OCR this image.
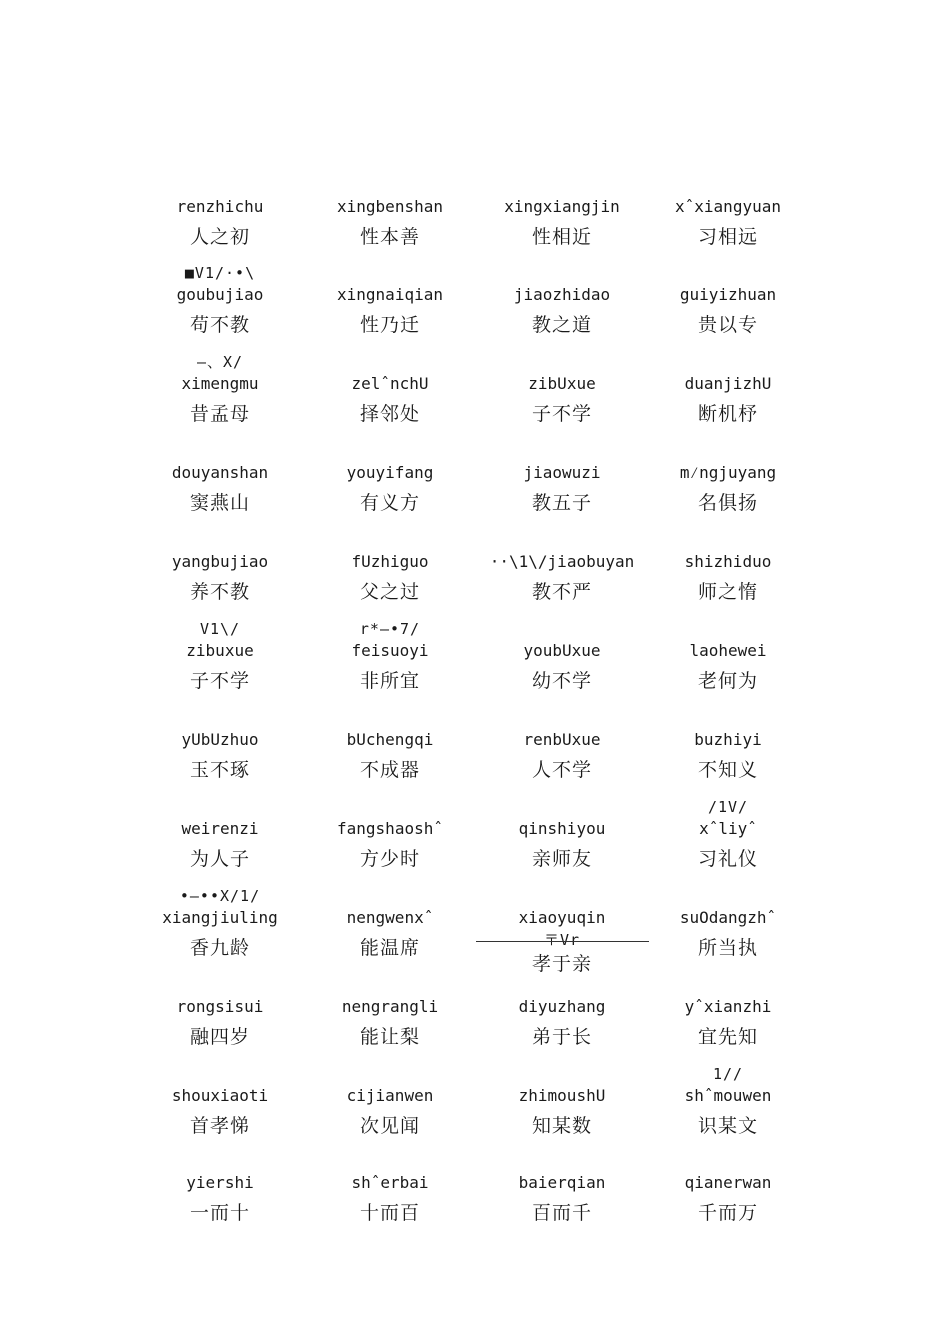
renzhichu
人之初
xingbenshan
性本善
xingxiangjin
性相近
xˆxiangyuan
习相远
■V1/·•\
goubujiao
苟不教
xingnaiqian
性乃迁
jiaozhidao
教之道
guiyizhuan
贵以专
—、X/
ximengmu
昔孟母
zelˆnchU
择邻处
zibUxue
子不学
duanjizhU
断机杼
douyanshan
窦燕山
youyifang
有义方
jiaowuzi
教五子
m⁄ngjuyang
名俱扬
yangbujiao
养不教
fUzhiguo
父之过
··\1\/jiaobuyan
教不严
shizhiduo
师之惰
V1\/
zibuxue
子不学
r*—•7/
feisuoyi
非所宜
youbUxue
幼不学
laohewei
老何为
yUbUzhuo
玉不琢
bUchengqi
不成器
renbUxue
人不学
buzhiyi
不知义
weirenzi
为人子
fangshaoshˆ
方少时
qinshiyou
亲师友
/1V/
xˆliyˆ
习礼仪
•—••X/1/
xiangjiuling
香九龄
nengwenxˆ
能温席
xiaoyuqin
〒Vr
孝于亲
suOdangzhˆ
所当执
rongsisui
融四岁
nengrangli
能让梨
diyuzhang
弟于长
yˆxianzhi
宜先知
shouxiaoti
首孝悌
cijianwen
次见闻
zhimoushU
知某数
1//
shˆmouwen
识某文
yiershi
一而十
shˆerbai
十而百
baierqian
百而千
qianerwan
千而万
